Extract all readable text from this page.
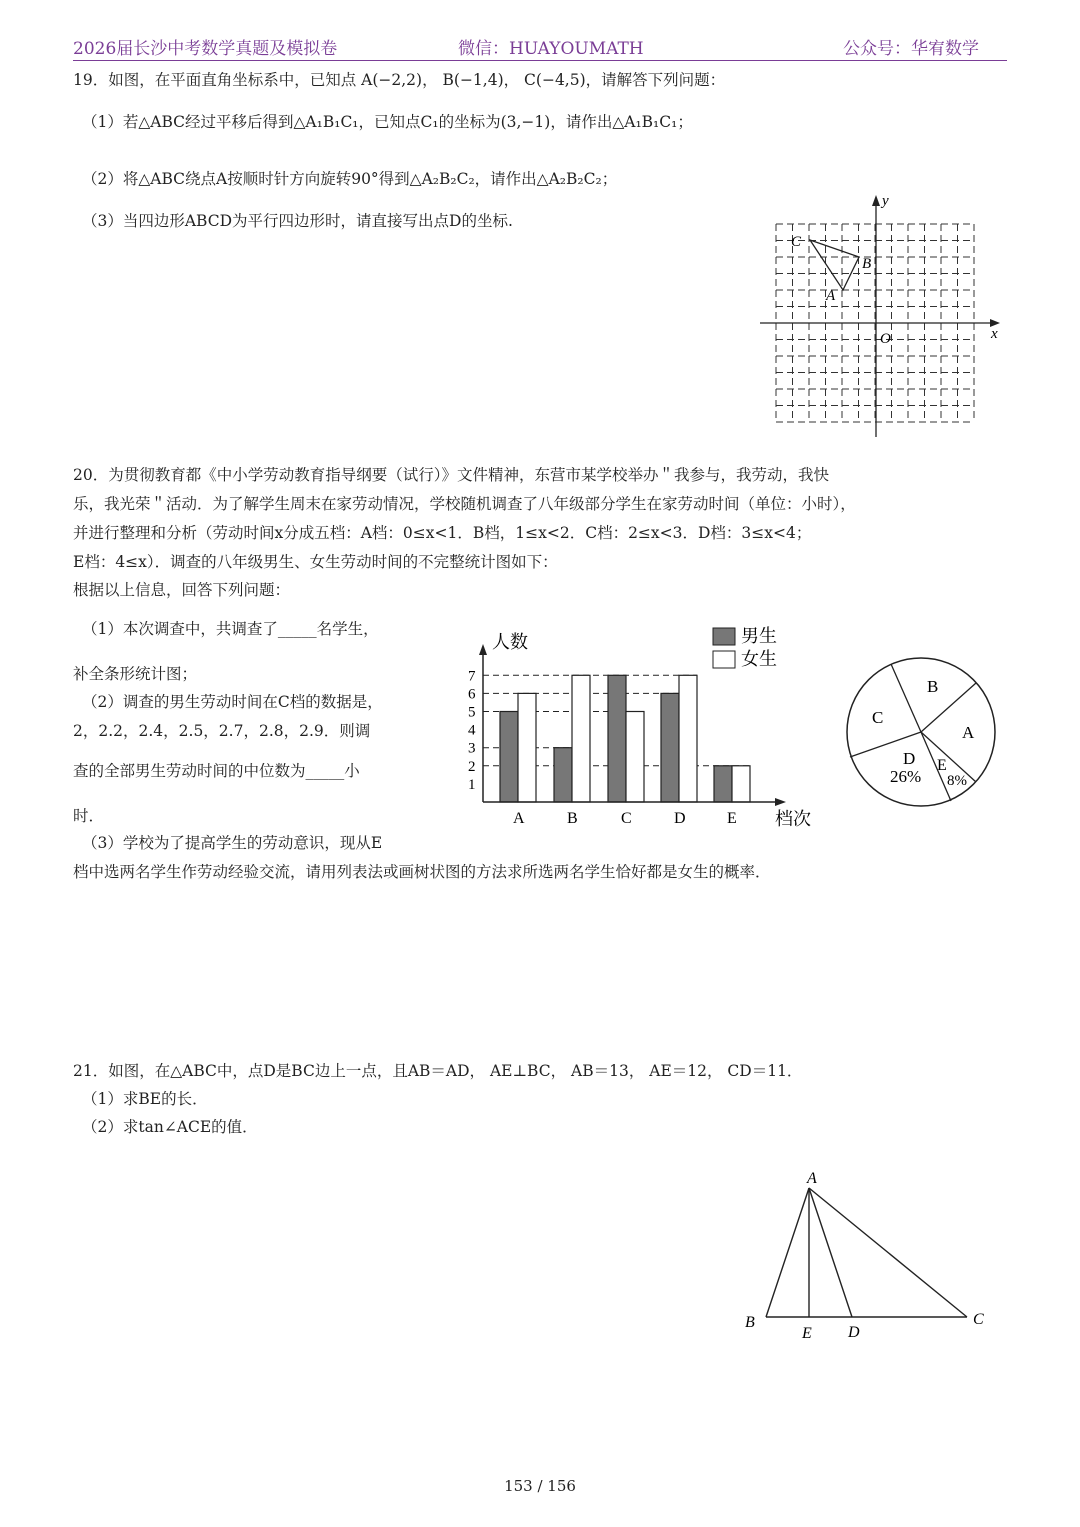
2026届长沙中考数学真题及模拟卷	微信：HUAYOUMATH	公众号：华宥数学
19．如图，在平面直角坐标系中，已知点 A(−2,2)， B(−1,4)， C(−4,5)，请解答下列问题：
（1）若△ABC经过平移后得到△A₁B₁C₁，已知点C₁的坐标为(3,−1)，请作出△A₁B₁C₁；
（2）将△ABC绕点A按顺时针方向旋转90°得到△A₂B₂C₂，请作出△A₂B₂C₂；
（3）当四边形ABCD为平行四边形时，请直接写出点D的坐标.
x
y
O
A
B
C
20．为贯彻教育都《中小学劳动教育指导纲要（试行）》文件精神，东营市某学校举办＂我参与，我劳动，我快
乐，我光荣＂活动．为了解学生周末在家劳动情况，学校随机调查了八年级部分学生在家劳动时间（单位：小时），
并进行整理和分析（劳动时间x分成五档：A档：0≤x<1．B档，1≤x<2．C档：2≤x<3．D档：3≤x<4；
E档：4≤x）．调查的八年级男生、女生劳动时间的不完整统计图如下：
根据以上信息，回答下列问题：
（1）本次调查中，共调查了_____名学生，
补全条形统计图；
（2）调查的男生劳动时间在C档的数据是，
2，2.2，2.4，2.5，2.7，2.8，2.9．则调
查的全部男生劳动时间的中位数为_____小
时．
（3）学校为了提高学生的劳动意识，现从E
档中选两名学生作劳动经验交流，请用列表法或画树状图的方法求所选两名学生恰好都是女生的概率．
1
2
3
4
5
6
7
A	B	C	D	E
人数
档次
男生
女生
B
C
A
D
26%
E
8%
21．如图，在△ABC中，点D是BC边上一点，且AB＝AD， AE⊥BC， AB＝13， AE＝12， CD＝11．
（1）求BE的长．
（2）求tan∠ACE的值．
A
B
E D
C
153 / 156
